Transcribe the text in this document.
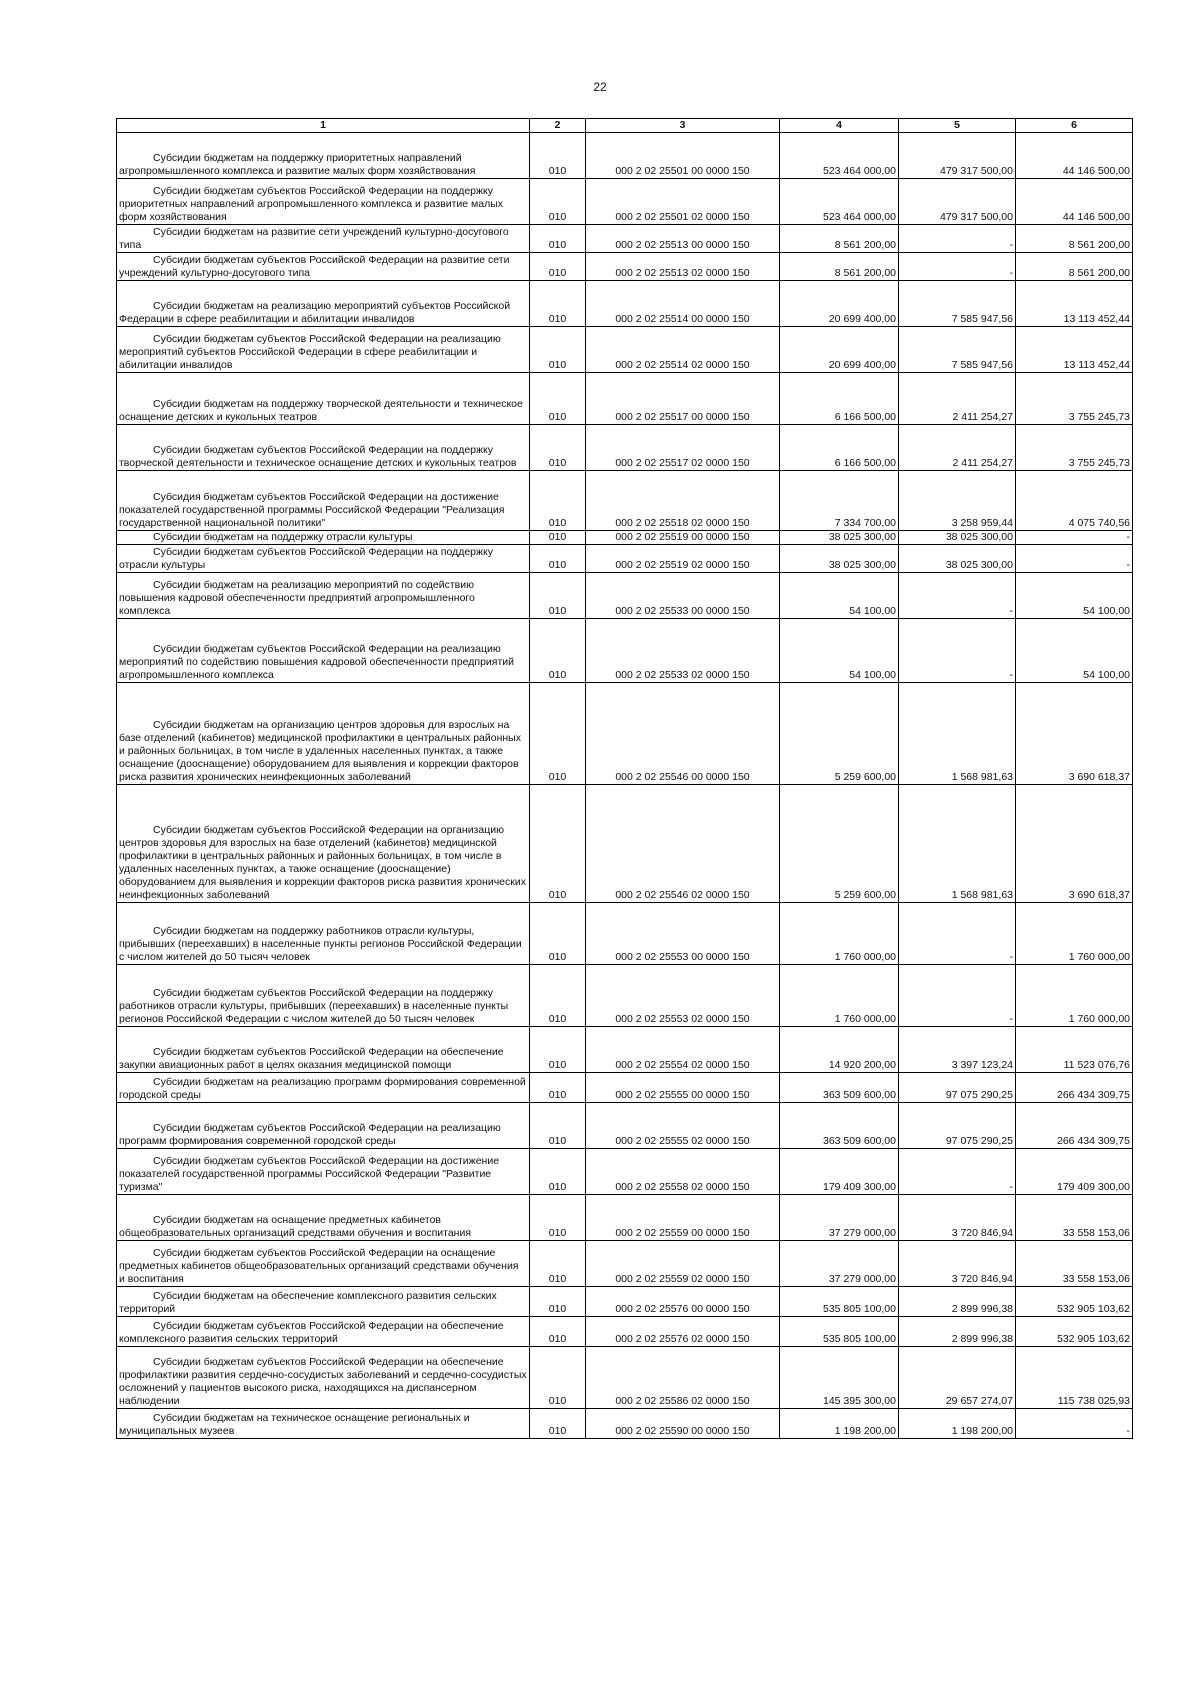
22
1	2	3	4	5	6
Субсидии бюджетам на поддержку приоритетных направлений агропромышленного комплекса и развитие малых форм хозяйствования	010	000 2 02 25501 00 0000 150	523 464 000,00	479 317 500,00	44 146 500,00
Субсидии бюджетам субъектов Российской Федерации на поддержку приоритетных направлений агропромышленного комплекса и развитие малых форм хозяйствования	010	000 2 02 25501 02 0000 150	523 464 000,00	479 317 500,00	44 146 500,00
Субсидии бюджетам на развитие сети учреждений культурно-досугового типа	010	000 2 02 25513 00 0000 150	8 561 200,00	-	8 561 200,00
Субсидии бюджетам субъектов Российской Федерации на развитие сети учреждений культурно-досугового типа	010	000 2 02 25513 02 0000 150	8 561 200,00	-	8 561 200,00
Субсидии бюджетам на реализацию мероприятий субъектов Российской Федерации в сфере реабилитации и абилитации инвалидов	010	000 2 02 25514 00 0000 150	20 699 400,00	7 585 947,56	13 113 452,44
Субсидии бюджетам субъектов Российской Федерации на реализацию мероприятий субъектов Российской Федерации в сфере реабилитации и абилитации инвалидов	010	000 2 02 25514 02 0000 150	20 699 400,00	7 585 947,56	13 113 452,44
Субсидии бюджетам на поддержку творческой деятельности и техническое оснащение детских и кукольных театров	010	000 2 02 25517 00 0000 150	6 166 500,00	2 411 254,27	3 755 245,73
Субсидии бюджетам субъектов Российской Федерации на поддержку творческой деятельности и техническое оснащение детских и кукольных театров	010	000 2 02 25517 02 0000 150	6 166 500,00	2 411 254,27	3 755 245,73
Субсидия бюджетам субъектов Российской Федерации на достижение показателей государственной программы Российской Федерации "Реализация государственной национальной политики"	010	000 2 02 25518 02 0000 150	7 334 700,00	3 258 959,44	4 075 740,56
Субсидии бюджетам на поддержку отрасли культуры	010	000 2 02 25519 00 0000 150	38 025 300,00	38 025 300,00	-
Субсидии бюджетам субъектов Российской Федерации на поддержку отрасли культуры	010	000 2 02 25519 02 0000 150	38 025 300,00	38 025 300,00	-
Субсидии бюджетам на реализацию мероприятий по содействию повышения кадровой обеспеченности предприятий агропромышленного комплекса	010	000 2 02 25533 00 0000 150	54 100,00	-	54 100,00
Субсидии бюджетам субъектов Российской Федерации на реализацию мероприятий по содействию повышения кадровой обеспеченности предприятий агропромышленного комплекса	010	000 2 02 25533 02 0000 150	54 100,00	-	54 100,00
Субсидии бюджетам на организацию центров здоровья для взрослых на базе отделений (кабинетов) медицинской профилактики в центральных районных и районных больницах, в том числе в удаленных населенных пунктах, а также оснащение (дооснащение) оборудованием для выявления и коррекции факторов риска развития хронических неинфекционных заболеваний	010	000 2 02 25546 00 0000 150	5 259 600,00	1 568 981,63	3 690 618,37
Субсидии бюджетам субъектов Российской Федерации на организацию центров здоровья для взрослых на базе отделений (кабинетов) медицинской профилактики в центральных районных и районных больницах, в том числе в удаленных населенных пунктах, а также оснащение (дооснащение) оборудованием для выявления и коррекции факторов риска развития хронических неинфекционных заболеваний	010	000 2 02 25546 02 0000 150	5 259 600,00	1 568 981,63	3 690 618,37
Субсидии бюджетам на поддержку работников отрасли культуры, прибывших (переехавших) в населенные пункты регионов Российской Федерации с числом жителей до 50 тысяч человек	010	000 2 02 25553 00 0000 150	1 760 000,00	-	1 760 000,00
Субсидии бюджетам субъектов Российской Федерации на поддержку работников отрасли культуры, прибывших (переехавших) в населенные пункты регионов Российской Федерации с числом жителей до 50 тысяч человек	010	000 2 02 25553 02 0000 150	1 760 000,00	-	1 760 000,00
Субсидии бюджетам субъектов Российской Федерации на обеспечение закупки авиационных работ в целях оказания медицинской помощи	010	000 2 02 25554 02 0000 150	14 920 200,00	3 397 123,24	11 523 076,76
Субсидии бюджетам на реализацию программ формирования современной городской среды	010	000 2 02 25555 00 0000 150	363 509 600,00	97 075 290,25	266 434 309,75
Субсидии бюджетам субъектов Российской Федерации на реализацию программ формирования современной городской среды	010	000 2 02 25555 02 0000 150	363 509 600,00	97 075 290,25	266 434 309,75
Субсидии бюджетам субъектов Российской Федерации на достижение показателей государственной программы Российской Федерации "Развитие туризма"	010	000 2 02 25558 02 0000 150	179 409 300,00	-	179 409 300,00
Субсидии бюджетам на оснащение предметных кабинетов общеобразовательных организаций средствами обучения и воспитания	010	000 2 02 25559 00 0000 150	37 279 000,00	3 720 846,94	33 558 153,06
Субсидии бюджетам субъектов Российской Федерации на оснащение предметных кабинетов общеобразовательных организаций средствами обучения и воспитания	010	000 2 02 25559 02 0000 150	37 279 000,00	3 720 846,94	33 558 153,06
Субсидии бюджетам на обеспечение комплексного развития сельских территорий	010	000 2 02 25576 00 0000 150	535 805 100,00	2 899 996,38	532 905 103,62
Субсидии бюджетам субъектов Российской Федерации на обеспечение комплексного развития сельских территорий	010	000 2 02 25576 02 0000 150	535 805 100,00	2 899 996,38	532 905 103,62
Субсидии бюджетам субъектов Российской Федерации на обеспечение профилактики развития сердечно-сосудистых заболеваний и сердечно-сосудистых осложнений у пациентов высокого риска, находящихся на диспансерном наблюдении	010	000 2 02 25586 02 0000 150	145 395 300,00	29 657 274,07	115 738 025,93
Субсидии бюджетам на техническое оснащение региональных и муниципальных музеев	010	000 2 02 25590 00 0000 150	1 198 200,00	1 198 200,00	-
